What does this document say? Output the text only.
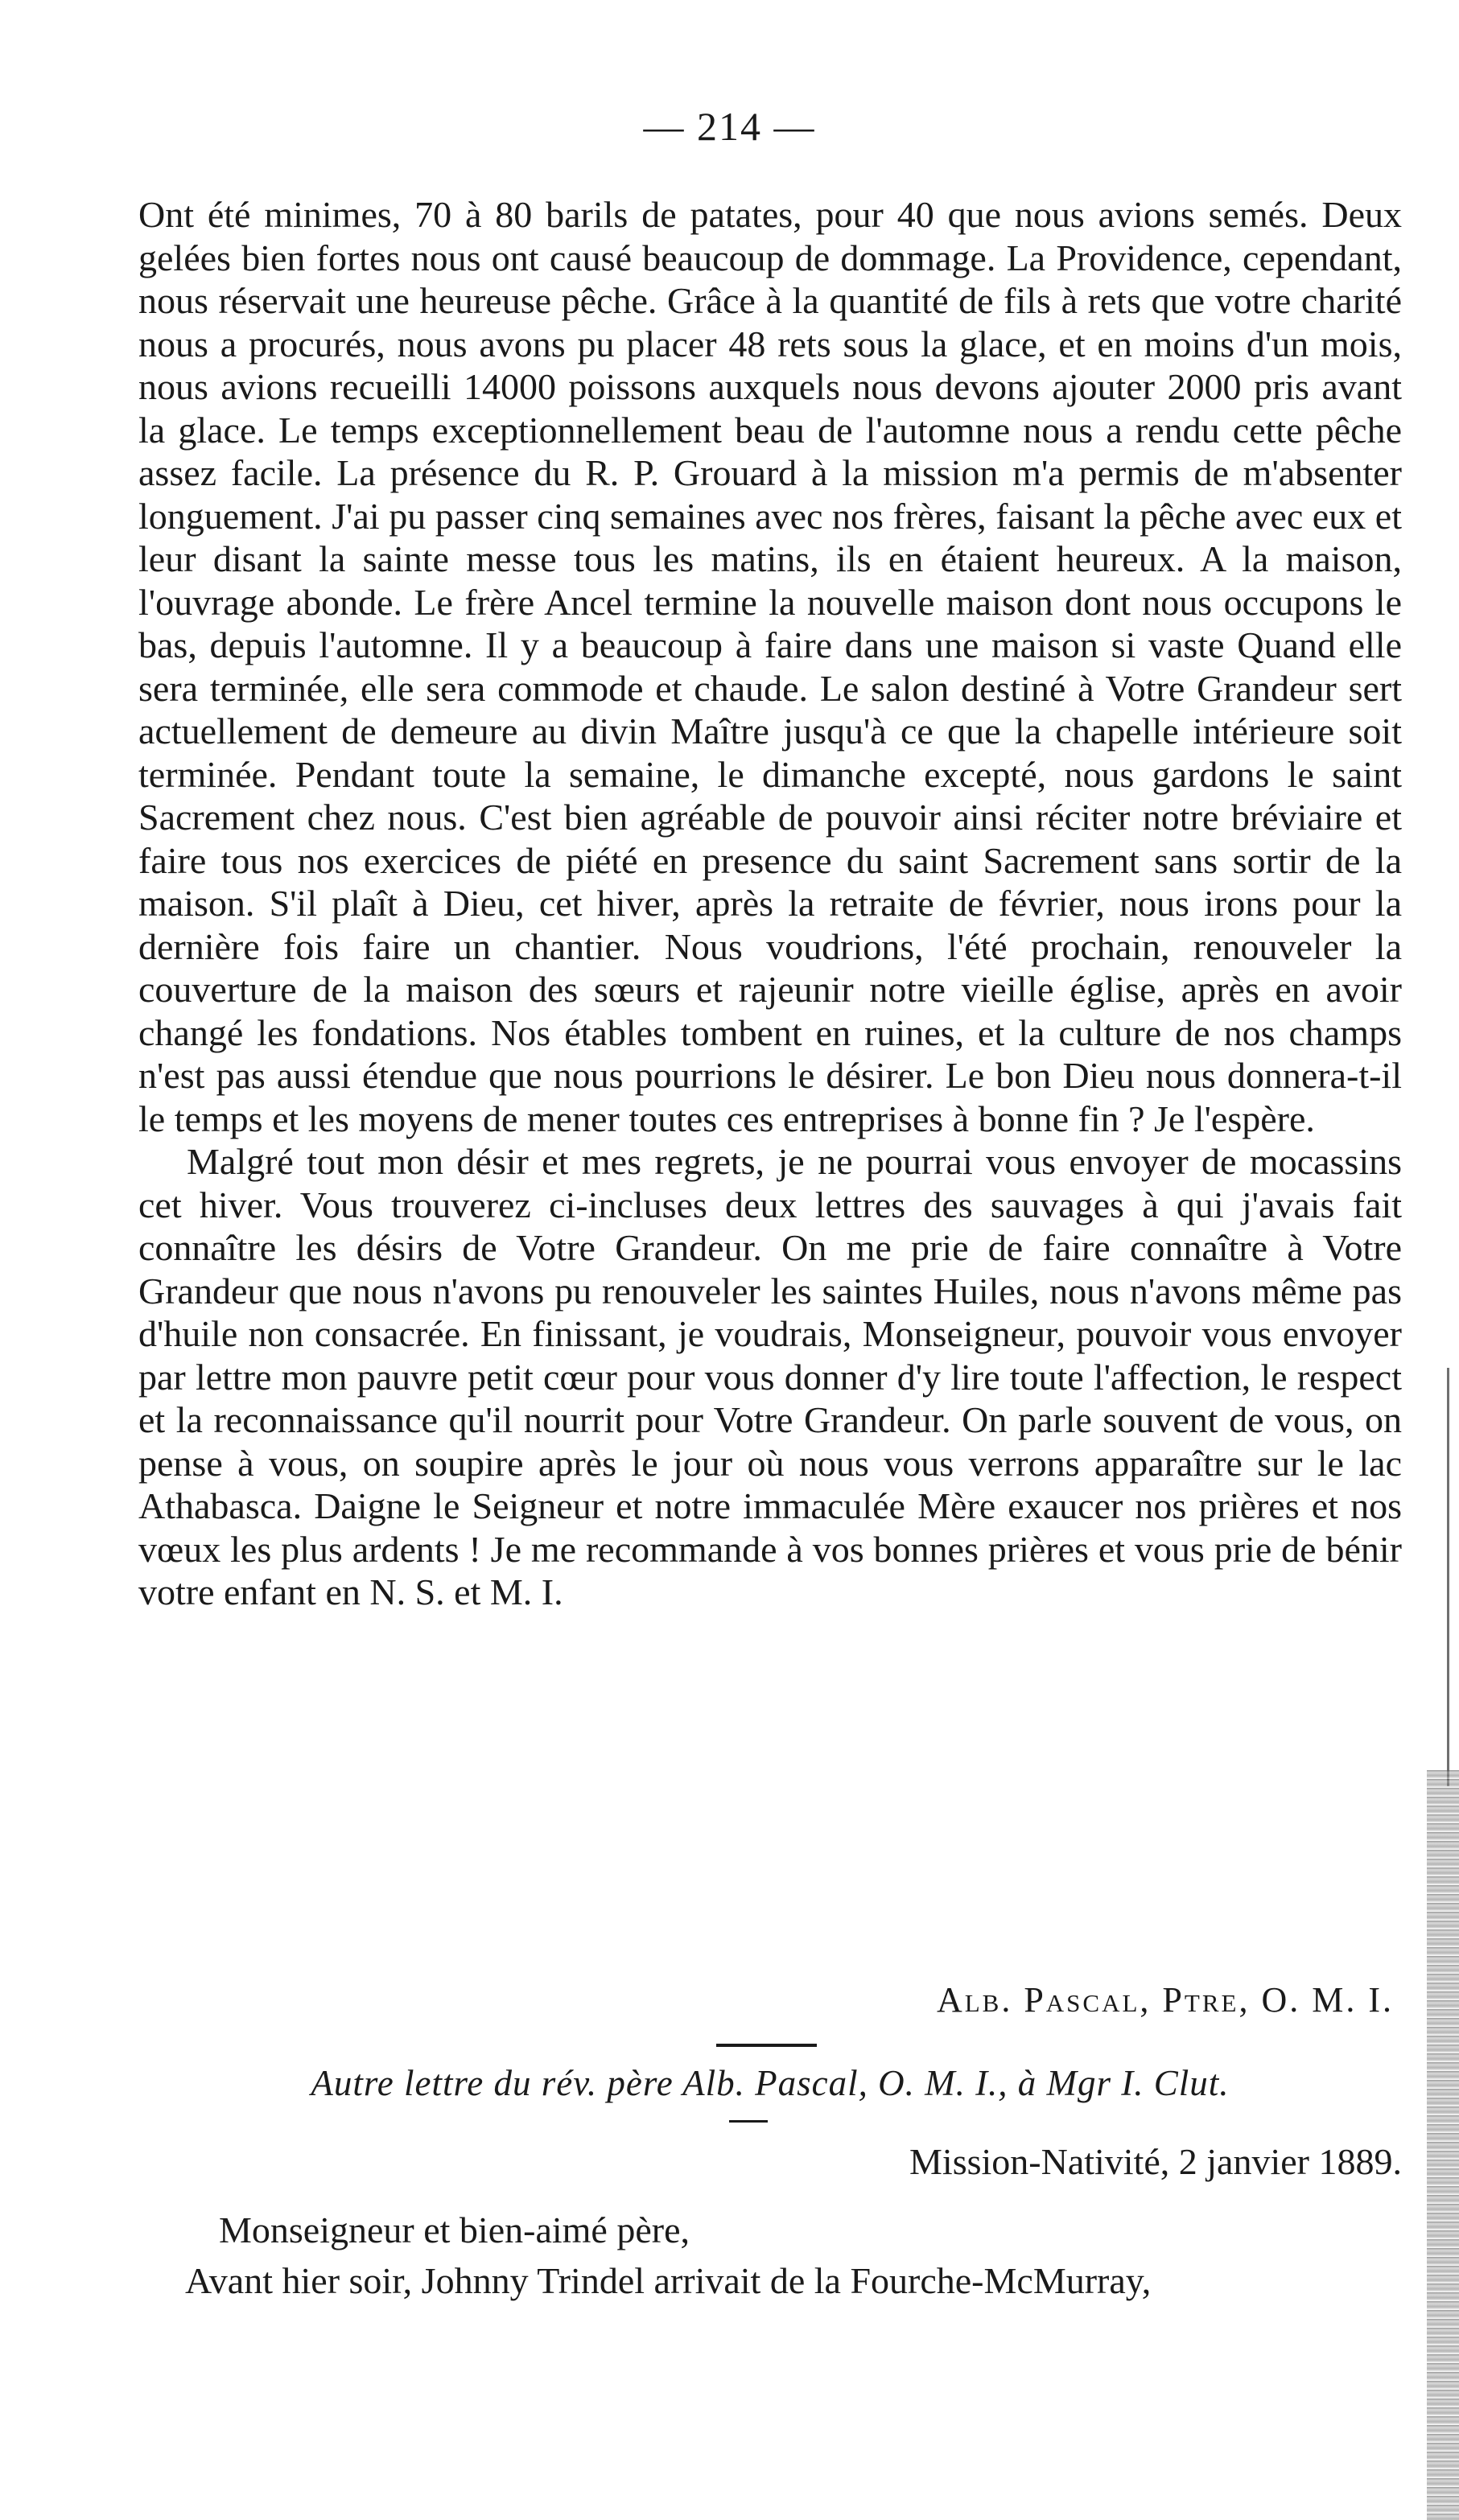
— 214 —

Ont été minimes, 70 à 80 barils de patates, pour 40 que nous avions semés. Deux gelées bien fortes nous ont causé beaucoup de dommage. La Providence, cependant, nous réservait une heureuse pêche. Grâce à la quantité de fils à rets que votre charité nous a procurés, nous avons pu placer 48 rets sous la glace, et en moins d'un mois, nous avions recueilli 14000 poissons auxquels nous devons ajouter 2000 pris avant la glace. Le temps exceptionnellement beau de l'automne nous a rendu cette pêche assez facile. La présence du R. P. Grouard à la mission m'a permis de m'absenter longuement. J'ai pu passer cinq semaines avec nos frères, faisant la pêche avec eux et leur disant la sainte messe tous les matins, ils en étaient heureux. A la maison, l'ouvrage abonde. Le frère Ancel termine la nouvelle maison dont nous occupons le bas, depuis l'automne. Il y a beaucoup à faire dans une maison si vaste Quand elle sera terminée, elle sera commode et chaude. Le salon destiné à Votre Grandeur sert actuellement de demeure au divin Maître jusqu'à ce que la chapelle intérieure soit terminée. Pendant toute la semaine, le dimanche excepté, nous gardons le saint Sacrement chez nous. C'est bien agréable de pouvoir ainsi réciter notre bréviaire et faire tous nos exercices de piété en presence du saint Sacrement sans sortir de la maison. S'il plaît à Dieu, cet hiver, après la retraite de février, nous irons pour la dernière fois faire un chantier. Nous voudrions, l'été prochain, renouveler la couverture de la maison des sœurs et rajeunir notre vieille église, après en avoir changé les fondations. Nos étables tombent en ruines, et la culture de nos champs n'est pas aussi étendue que nous pourrions le désirer. Le bon Dieu nous donnera-t-il le temps et les moyens de mener toutes ces entreprises à bonne fin ? Je l'espère.

Malgré tout mon désir et mes regrets, je ne pourrai vous envoyer de mocassins cet hiver. Vous trouverez ci-incluses deux lettres des sauvages à qui j'avais fait connaître les désirs de Votre Grandeur. On me prie de faire connaître à Votre Grandeur que nous n'avons pu renouveler les saintes Huiles, nous n'avons même pas d'huile non consacrée. En finissant, je voudrais, Monseigneur, pouvoir vous envoyer par lettre mon pauvre petit cœur pour vous donner d'y lire toute l'affection, le respect et la reconnaissance qu'il nourrit pour Votre Grandeur. On parle souvent de vous, on pense à vous, on soupire après le jour où nous vous verrons apparaître sur le lac Athabasca. Daigne le Seigneur et notre immaculée Mère exaucer nos prières et nos vœux les plus ardents ! Je me recommande à vos bonnes prières et vous prie de bénir votre enfant en N. S. et M. I.

Alb. Pascal, Ptre, O. M. I.
Autre lettre du rév. père Alb. Pascal, O. M. I., à Mgr I. Clut.
Mission-Nativité, 2 janvier 1889.
Monseigneur et bien-aimé père,
Avant hier soir, Johnny Trindel arrivait de la Fourche-McMurray,
